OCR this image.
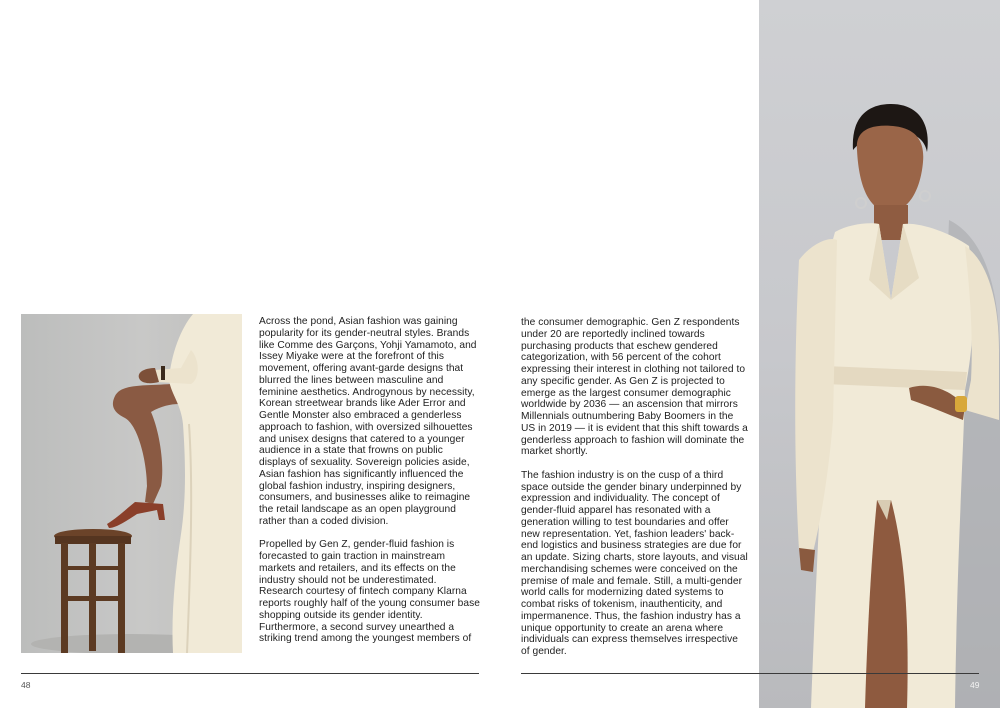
Across the pond, Asian fashion was gaining popularity for its gender-neutral styles. Brands like Comme des Garçons, Yohji Yamamoto, and Issey Miyake were at the forefront of this movement, offering avant-garde designs that blurred the lines between masculine and feminine aesthetics. Androgynous by necessity, Korean streetwear brands like Ader Error and Gentle Monster also embraced a genderless approach to fashion, with oversized silhouettes and unisex designs that catered to a younger audience in a state that frowns on public displays of sexuality. Sovereign policies aside, Asian fashion has significantly influenced the global fashion industry, inspiring designers, consumers, and businesses alike to reimagine the retail landscape as an open playground rather than a coded division.

Propelled by Gen Z, gender-fluid fashion is forecasted to gain traction in mainstream markets and retailers, and its effects on the industry should not be underestimated. Research courtesy of fintech company Klarna reports roughly half of the young consumer base shopping outside its gender identity. Furthermore, a second survey unearthed a striking trend among the youngest members of

the consumer demographic. Gen Z respondents under 20 are reportedly inclined towards purchasing products that eschew gendered categorization, with 56 percent of the cohort expressing their interest in clothing not tailored to any specific gender. As Gen Z is projected to emerge as the largest consumer demographic worldwide by 2036 — an ascension that mirrors Millennials outnumbering Baby Boomers in the US in 2019 — it is evident that this shift towards a genderless approach to fashion will dominate the market shortly.

The fashion industry is on the cusp of a third space outside the gender binary underpinned by expression and individuality. The concept of gender-fluid apparel has resonated with a generation willing to test boundaries and offer new representation. Yet, fashion leaders' back-end logistics and business strategies are due for an update. Sizing charts, store layouts, and visual merchandising schemes were conceived on the premise of male and female. Still, a multi-gender world calls for modernizing dated systems to combat risks of tokenism, inauthenticity, and impermanence. Thus, the fashion industry has a unique opportunity to create an arena where individuals can express themselves irrespective of gender.

48	49
